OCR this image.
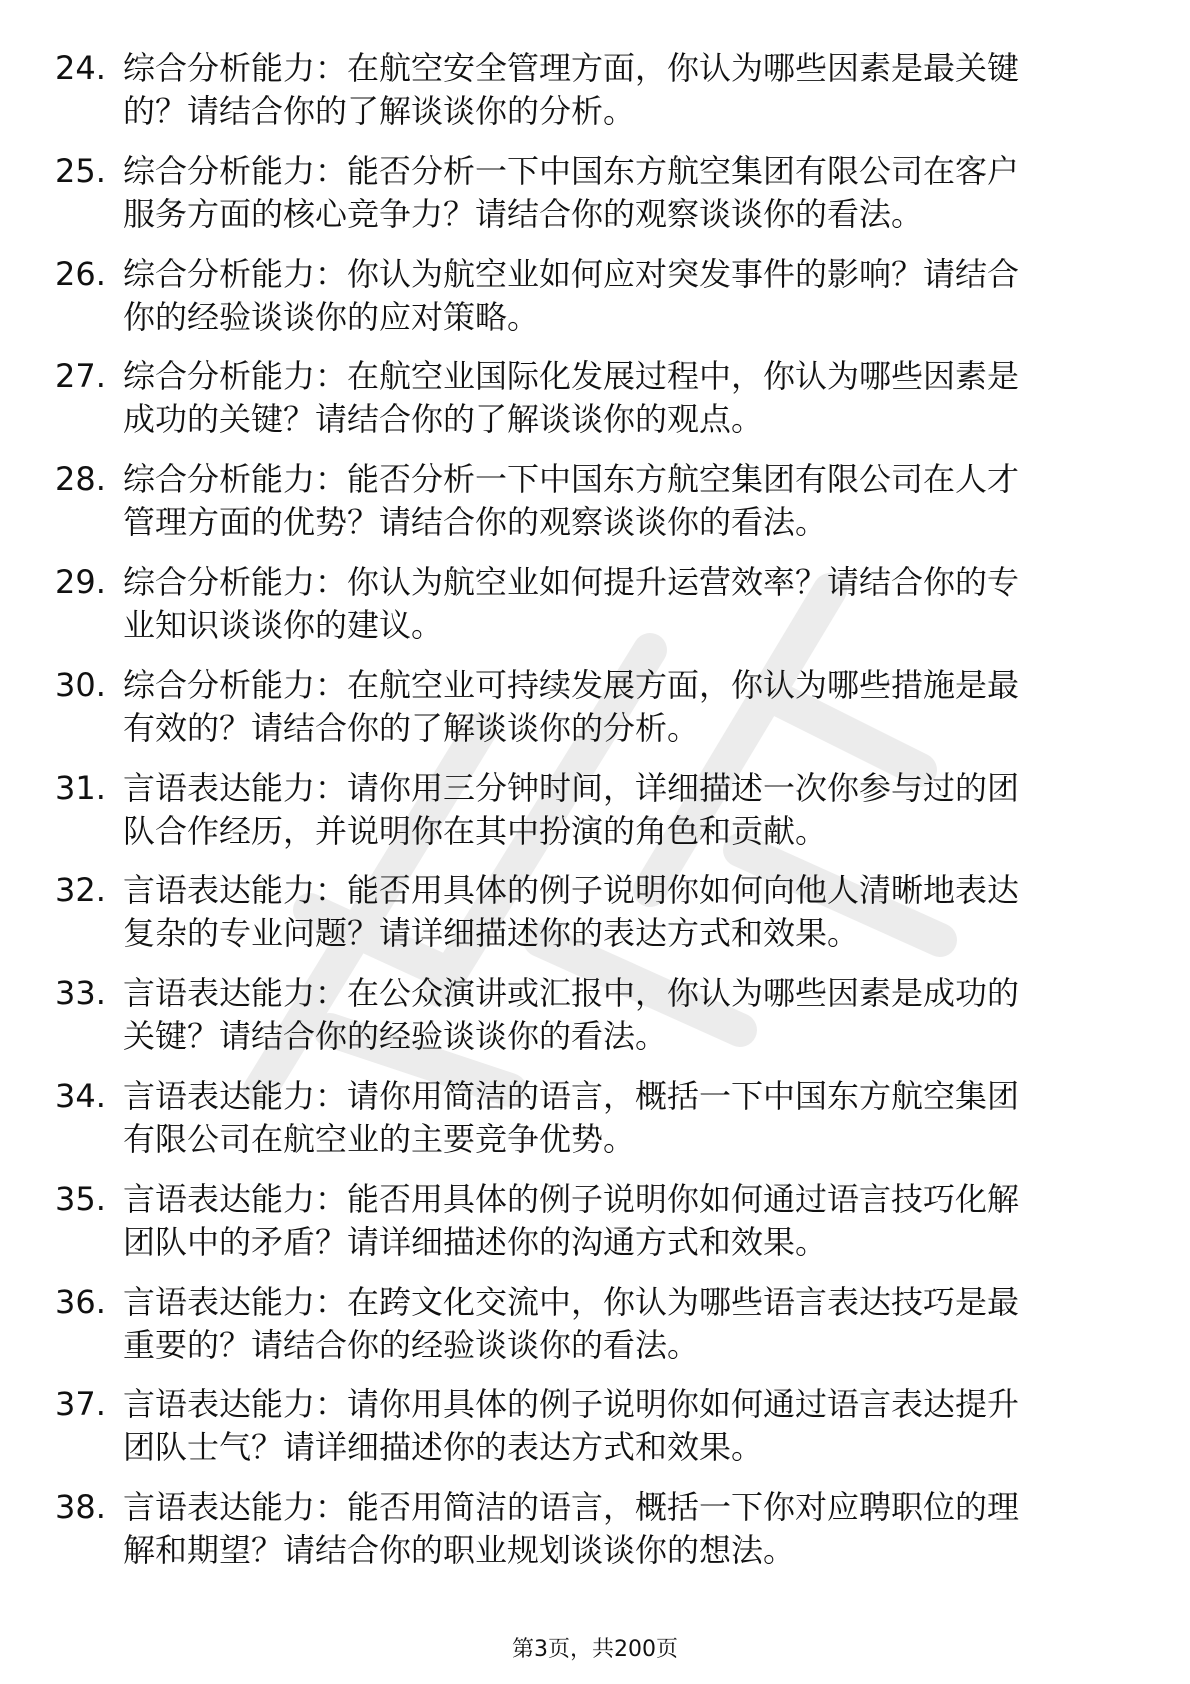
24. 综合分析能力：在航空安全管理方面，你认为哪些因素是最关键
的？请结合你的了解谈谈你的分析。
25. 综合分析能力：能否分析一下中国东方航空集团有限公司在客户
服务方面的核心竞争力？请结合你的观察谈谈你的看法。
26. 综合分析能力：你认为航空业如何应对突发事件的影响？请结合
你的经验谈谈你的应对策略。
27. 综合分析能力：在航空业国际化发展过程中，你认为哪些因素是
成功的关键？请结合你的了解谈谈你的观点。
28. 综合分析能力：能否分析一下中国东方航空集团有限公司在人才
管理方面的优势？请结合你的观察谈谈你的看法。
29. 综合分析能力：你认为航空业如何提升运营效率？请结合你的专
业知识谈谈你的建议。
30. 综合分析能力：在航空业可持续发展方面，你认为哪些措施是最
有效的？请结合你的了解谈谈你的分析。
31. 言语表达能力：请你用三分钟时间，详细描述一次你参与过的团
队合作经历，并说明你在其中扮演的角色和贡献。
32. 言语表达能力：能否用具体的例子说明你如何向他人清晰地表达
复杂的专业问题？请详细描述你的表达方式和效果。
33. 言语表达能力：在公众演讲或汇报中，你认为哪些因素是成功的
关键？请结合你的经验谈谈你的看法。
34. 言语表达能力：请你用简洁的语言，概括一下中国东方航空集团
有限公司在航空业的主要竞争优势。
35. 言语表达能力：能否用具体的例子说明你如何通过语言技巧化解
团队中的矛盾？请详细描述你的沟通方式和效果。
36. 言语表达能力：在跨文化交流中，你认为哪些语言表达技巧是最
重要的？请结合你的经验谈谈你的看法。
37. 言语表达能力：请你用具体的例子说明你如何通过语言表达提升
团队士气？请详细描述你的表达方式和效果。
38. 言语表达能力：能否用简洁的语言，概括一下你对应聘职位的理
解和期望？请结合你的职业规划谈谈你的想法。
第3页，共200页
